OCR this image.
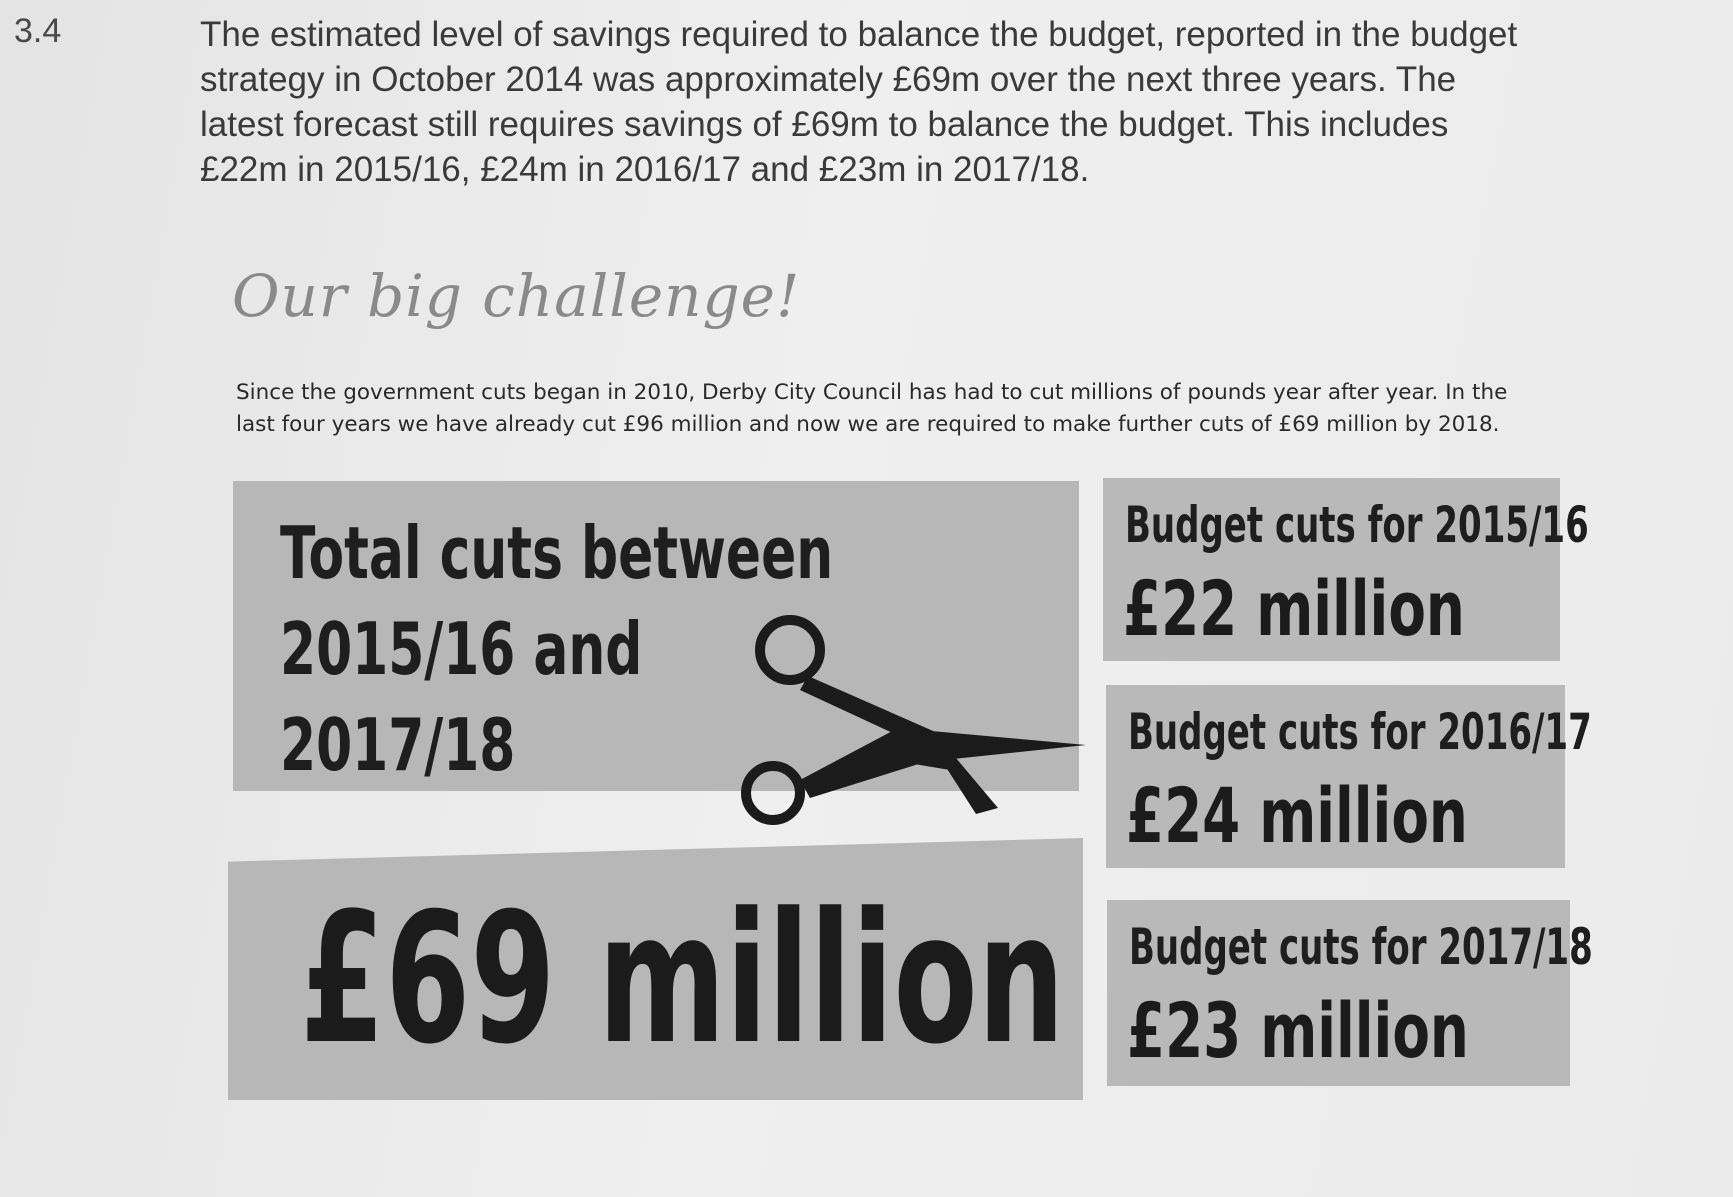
3.4	The estimated level of savings required to balance the budget, reported in the budget
strategy in October 2014 was approximately £69m over the next three years. The
latest forecast still requires savings of £69m to balance the budget. This includes
£22m in 2015/16, £24m in 2016/17 and £23m in 2017/18.
Our big challenge!
Since the government cuts began in 2010, Derby City Council has had to cut millions of pounds year after year. In the
last four years we have already cut £96 million and now we are required to make further cuts of £69 million by 2018.
Total cuts between
2015/16 and
2017/18
£69 million
Budget cuts for 2015/16
£22 million
Budget cuts for 2016/17
£24 million
Budget cuts for 2017/18
£23 million
